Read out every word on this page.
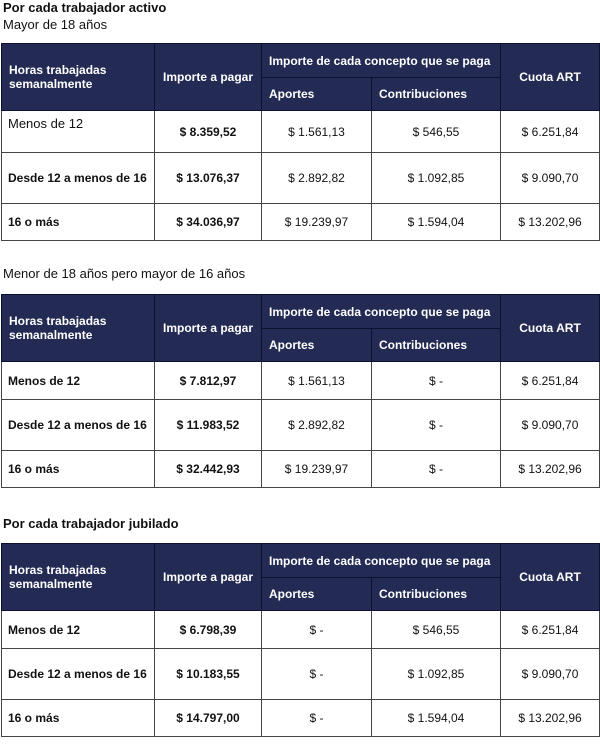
Por cada trabajador activo

Mayor de 18 años

Horas trabajadas semanalmente	Importe a pagar	Importe de cada concepto que se paga		Cuota ART
		Aportes	Contribuciones	
Menos de 12	$ 8.359,52	$ 1.561,13	$ 546,55	$ 6.251,84
Desde 12 a menos de 16	$ 13.076,37	$ 2.892,82	$ 1.092,85	$ 9.090,70
16 o más	$ 34.036,97	$ 19.239,97	$ 1.594,04	$ 13.202,96

Menor de 18 años pero mayor de 16 años

Horas trabajadas semanalmente	Importe a pagar	Importe de cada concepto que se paga		Cuota ART
		Aportes	Contribuciones	
Menos de 12	$ 7.812,97	$ 1.561,13	$ -	$ 6.251,84
Desde 12 a menos de 16	$ 11.983,52	$ 2.892,82	$ -	$ 9.090,70
16 o más	$ 32.442,93	$ 19.239,97	$ -	$ 13.202,96

Por cada trabajador jubilado

Horas trabajadas semanalmente	Importe a pagar	Importe de cada concepto que se paga		Cuota ART
		Aportes	Contribuciones	
Menos de 12	$ 6.798,39	$ -	$ 546,55	$ 6.251,84
Desde 12 a menos de 16	$ 10.183,55	$ -	$ 1.092,85	$ 9.090,70
16 o más	$ 14.797,00	$ -	$ 1.594,04	$ 13.202,96
